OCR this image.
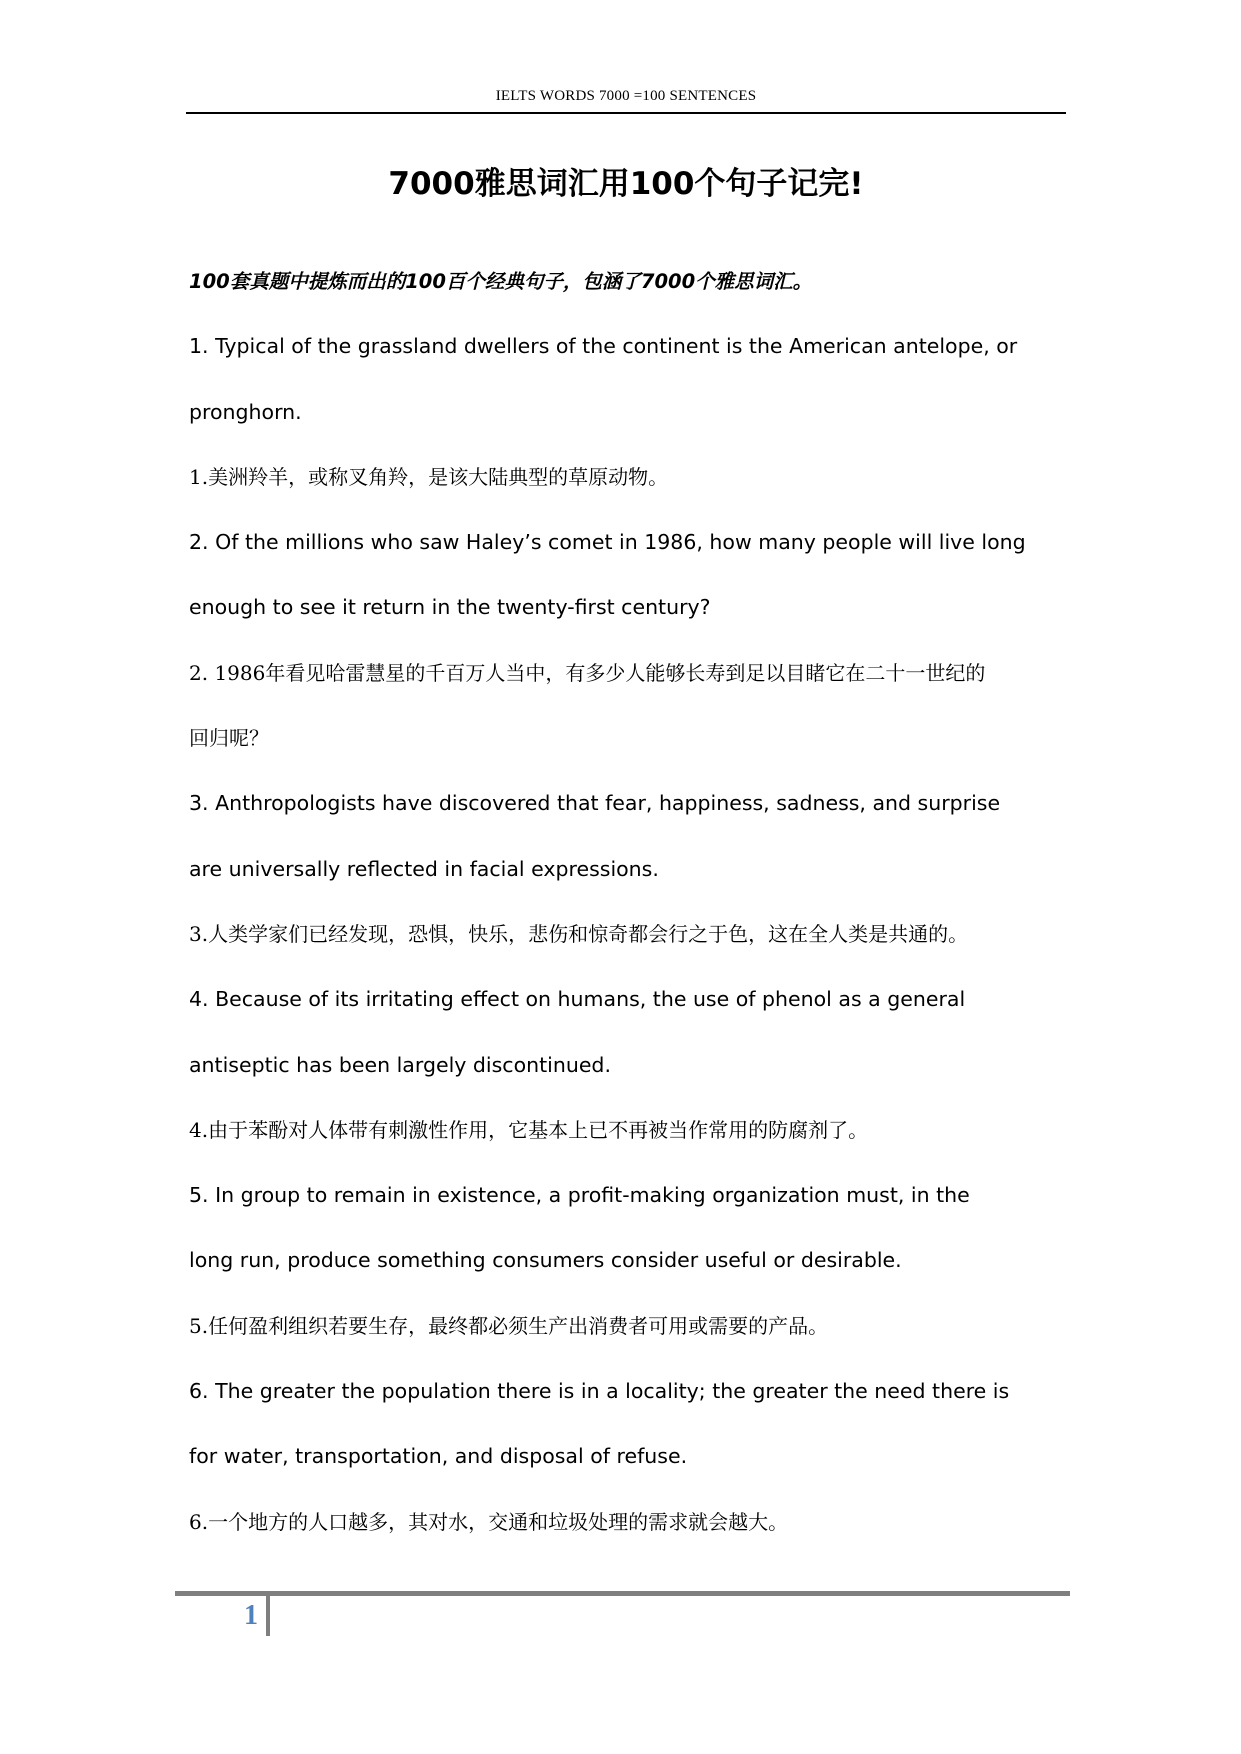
IELTS WORDS 7000 =100 SENTENCES
7000雅思词汇用100个句子记完!
100套真题中提炼而出的100百个经典句子，包涵了7000个雅思词汇。
1. Typical of the grassland dwellers of the continent is the American antelope, or
pronghorn.
1.美洲羚羊，或称叉角羚，是该大陆典型的草原动物。
2. Of the millions who saw Haley’s comet in 1986, how many people will live long
enough to see it return in the twenty-first century?
2. 1986年看见哈雷慧星的千百万人当中，有多少人能够长寿到足以目睹它在二十一世纪的
回归呢？
3. Anthropologists have discovered that fear, happiness, sadness, and surprise
are universally reflected in facial expressions.
3.人类学家们已经发现，恐惧，快乐，悲伤和惊奇都会行之于色，这在全人类是共通的。
4. Because of its irritating effect on humans, the use of phenol as a general
antiseptic has been largely discontinued.
4.由于苯酚对人体带有刺激性作用，它基本上已不再被当作常用的防腐剂了。
5. In group to remain in existence, a profit-making organization must, in the
long run, produce something consumers consider useful or desirable.
5.任何盈利组织若要生存，最终都必须生产出消费者可用或需要的产品。
6. The greater the population there is in a locality; the greater the need there is
for water, transportation, and disposal of refuse.
6.一个地方的人口越多，其对水，交通和垃圾处理的需求就会越大。
1
